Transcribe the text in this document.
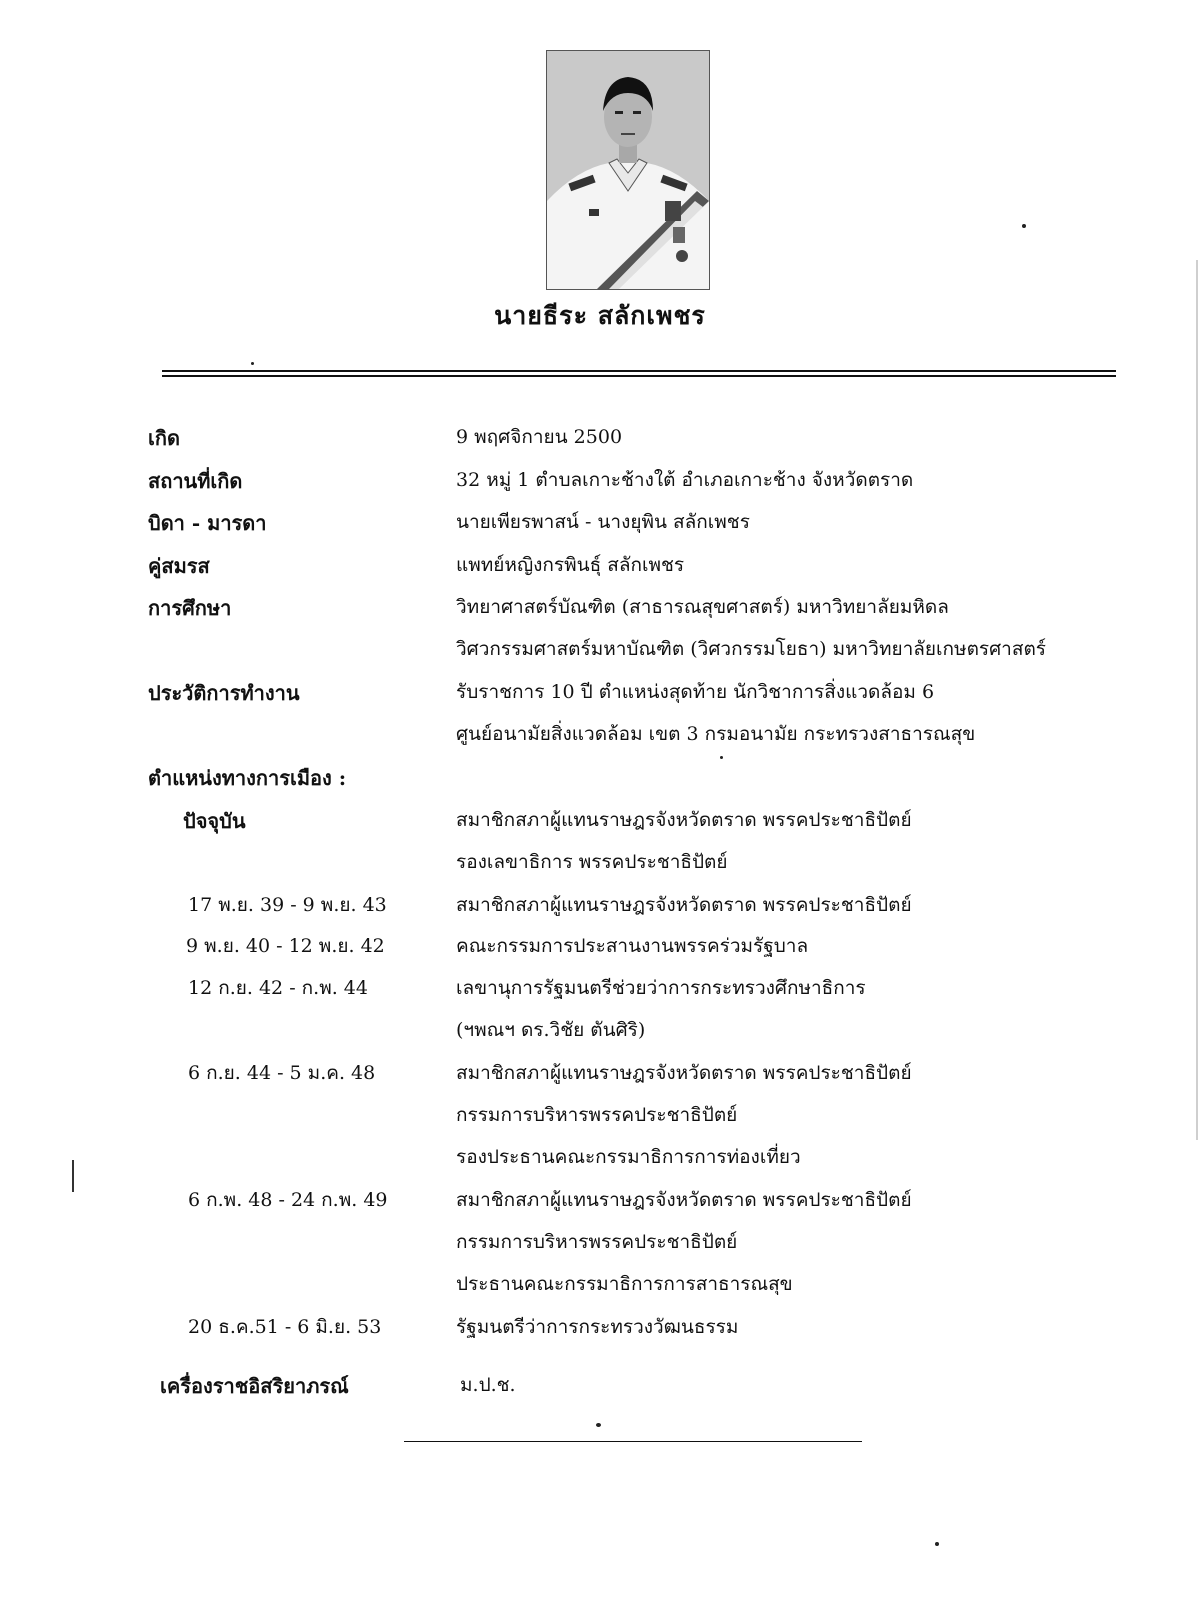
นายธีระ สลักเพชร
เกิด	9 พฤศจิกายน 2500
สถานที่เกิด	32 หมู่ 1 ตำบลเกาะช้างใต้ อำเภอเกาะช้าง จังหวัดตราด
บิดา - มารดา	นายเพียรพาสน์ - นางยุพิน สลักเพชร
คู่สมรส	แพทย์หญิงกรพินธุ์ สลักเพชร
การศึกษา	วิทยาศาสตร์บัณฑิต (สาธารณสุขศาสตร์) มหาวิทยาลัยมหิดล
วิศวกรรมศาสตร์มหาบัณฑิต (วิศวกรรมโยธา) มหาวิทยาลัยเกษตรศาสตร์
ประวัติการทำงาน	รับราชการ 10 ปี ตำแหน่งสุดท้าย นักวิชาการสิ่งแวดล้อม 6
ศูนย์อนามัยสิ่งแวดล้อม เขต 3 กรมอนามัย กระทรวงสาธารณสุข
ตำแหน่งทางการเมือง :
ปัจจุบัน	สมาชิกสภาผู้แทนราษฎรจังหวัดตราด พรรคประชาธิปัตย์
รองเลขาธิการ พรรคประชาธิปัตย์
17 พ.ย. 39 - 9 พ.ย. 43	สมาชิกสภาผู้แทนราษฎรจังหวัดตราด พรรคประชาธิปัตย์
9 พ.ย. 40 - 12 พ.ย. 42	คณะกรรมการประสานงานพรรคร่วมรัฐบาล
12 ก.ย. 42 - ก.พ. 44	เลขานุการรัฐมนตรีช่วยว่าการกระทรวงศึกษาธิการ
(ฯพณฯ ดร.วิชัย ตันศิริ)
6 ก.ย. 44 - 5 ม.ค. 48	สมาชิกสภาผู้แทนราษฎรจังหวัดตราด พรรคประชาธิปัตย์
กรรมการบริหารพรรคประชาธิปัตย์
รองประธานคณะกรรมาธิการการท่องเที่ยว
6 ก.พ. 48 - 24 ก.พ. 49	สมาชิกสภาผู้แทนราษฎรจังหวัดตราด พรรคประชาธิปัตย์
กรรมการบริหารพรรคประชาธิปัตย์
ประธานคณะกรรมาธิการการสาธารณสุข
20 ธ.ค.51 - 6 มิ.ย. 53	รัฐมนตรีว่าการกระทรวงวัฒนธรรม
เครื่องราชอิสริยาภรณ์	ม.ป.ช.
